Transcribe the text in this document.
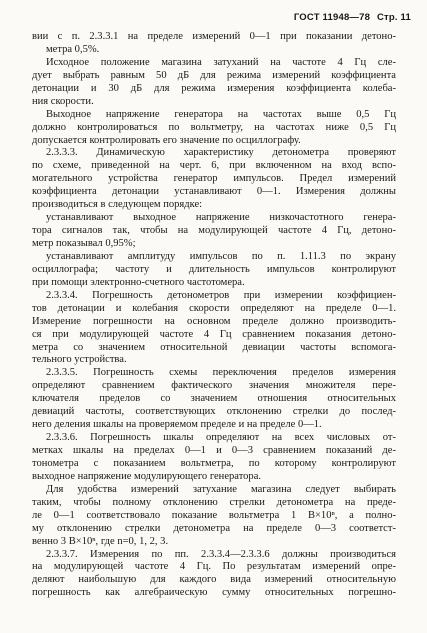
ГОСТ 11948—78 Стр. 11
вии с п. 2.3.3.1 на пределе измерений 0—1 при показании детоно-
метра 0,5%.
Исходное положение магазина затуханий на частоте 4 Гц сле-
дует выбрать равным 50 дБ для режима измерений коэффициента
детонации и 30 дБ для режима измерения коэффициента колеба-
ния скорости.
Выходное напряжение генератора на частотах выше 0,5 Гц
должно контролироваться по вольтметру, на частотах ниже 0,5 Гц
допускается контролировать его значение по осциллографу.
2.3.3.3. Динамическую характеристику детонометра проверяют
по схеме, приведенной на черт. 6, при включенном на вход вспо-
могательного устройства генератор импульсов. Предел измерений
коэффициента детонации устанавливают 0—1. Измерения должны
производиться в следующем порядке:
устанавливают выходное напряжение низкочастотного генера-
тора сигналов так, чтобы на модулирующей частоте 4 Гц, детоно-
метр показывал 0,95%;
устанавливают амплитуду импульсов по п. 1.11.3 по экрану
осциллографа; частоту и длительность импульсов контролируют
при помощи электронно-счетного частотомера.
2.3.3.4. Погрешность детонометров при измерении коэффициен-
тов детонации и колебания скорости определяют на пределе 0—1.
Измерение погрешности на основном пределе должно производить-
ся при модулирующей частоте 4 Гц сравнением показания детоно-
метра со значением относительной девиации частоты вспомога-
тельного устройства.
2.3.3.5. Погрешность схемы переключения пределов измерения
определяют сравнением фактического значения множителя пере-
ключателя пределов со значением отношения относительных
девиаций частоты, соответствующих отклонению стрелки до послед-
него деления шкалы на проверяемом пределе и на пределе 0—1.
2.3.3.6. Погрешность шкалы определяют на всех числовых от-
метках шкалы на пределах 0—1 и 0—3 сравнением показаний де-
тонометра с показанием вольтметра, по которому контролируют
выходное напряжение модулирующего генератора.
Для удобства измерений затухание магазина следует выбирать
таким, чтобы полному отклонению стрелки детонометра на преде-
ле 0—1 соответствовало показание вольтметра 1 В×10ⁿ, а полно-
му отклонению стрелки детонометра на пределе 0—3 соответст-
венно 3 В×10ⁿ, где n=0, 1, 2, 3.
2.3.3.7. Измерения по пп. 2.3.3.4—2.3.3.6 должны производиться
на модулирующей частоте 4 Гц. По результатам измерений опре-
деляют наибольшую для каждого вида измерений относительную
погрешность как алгебраическую сумму относительных погрешно-
